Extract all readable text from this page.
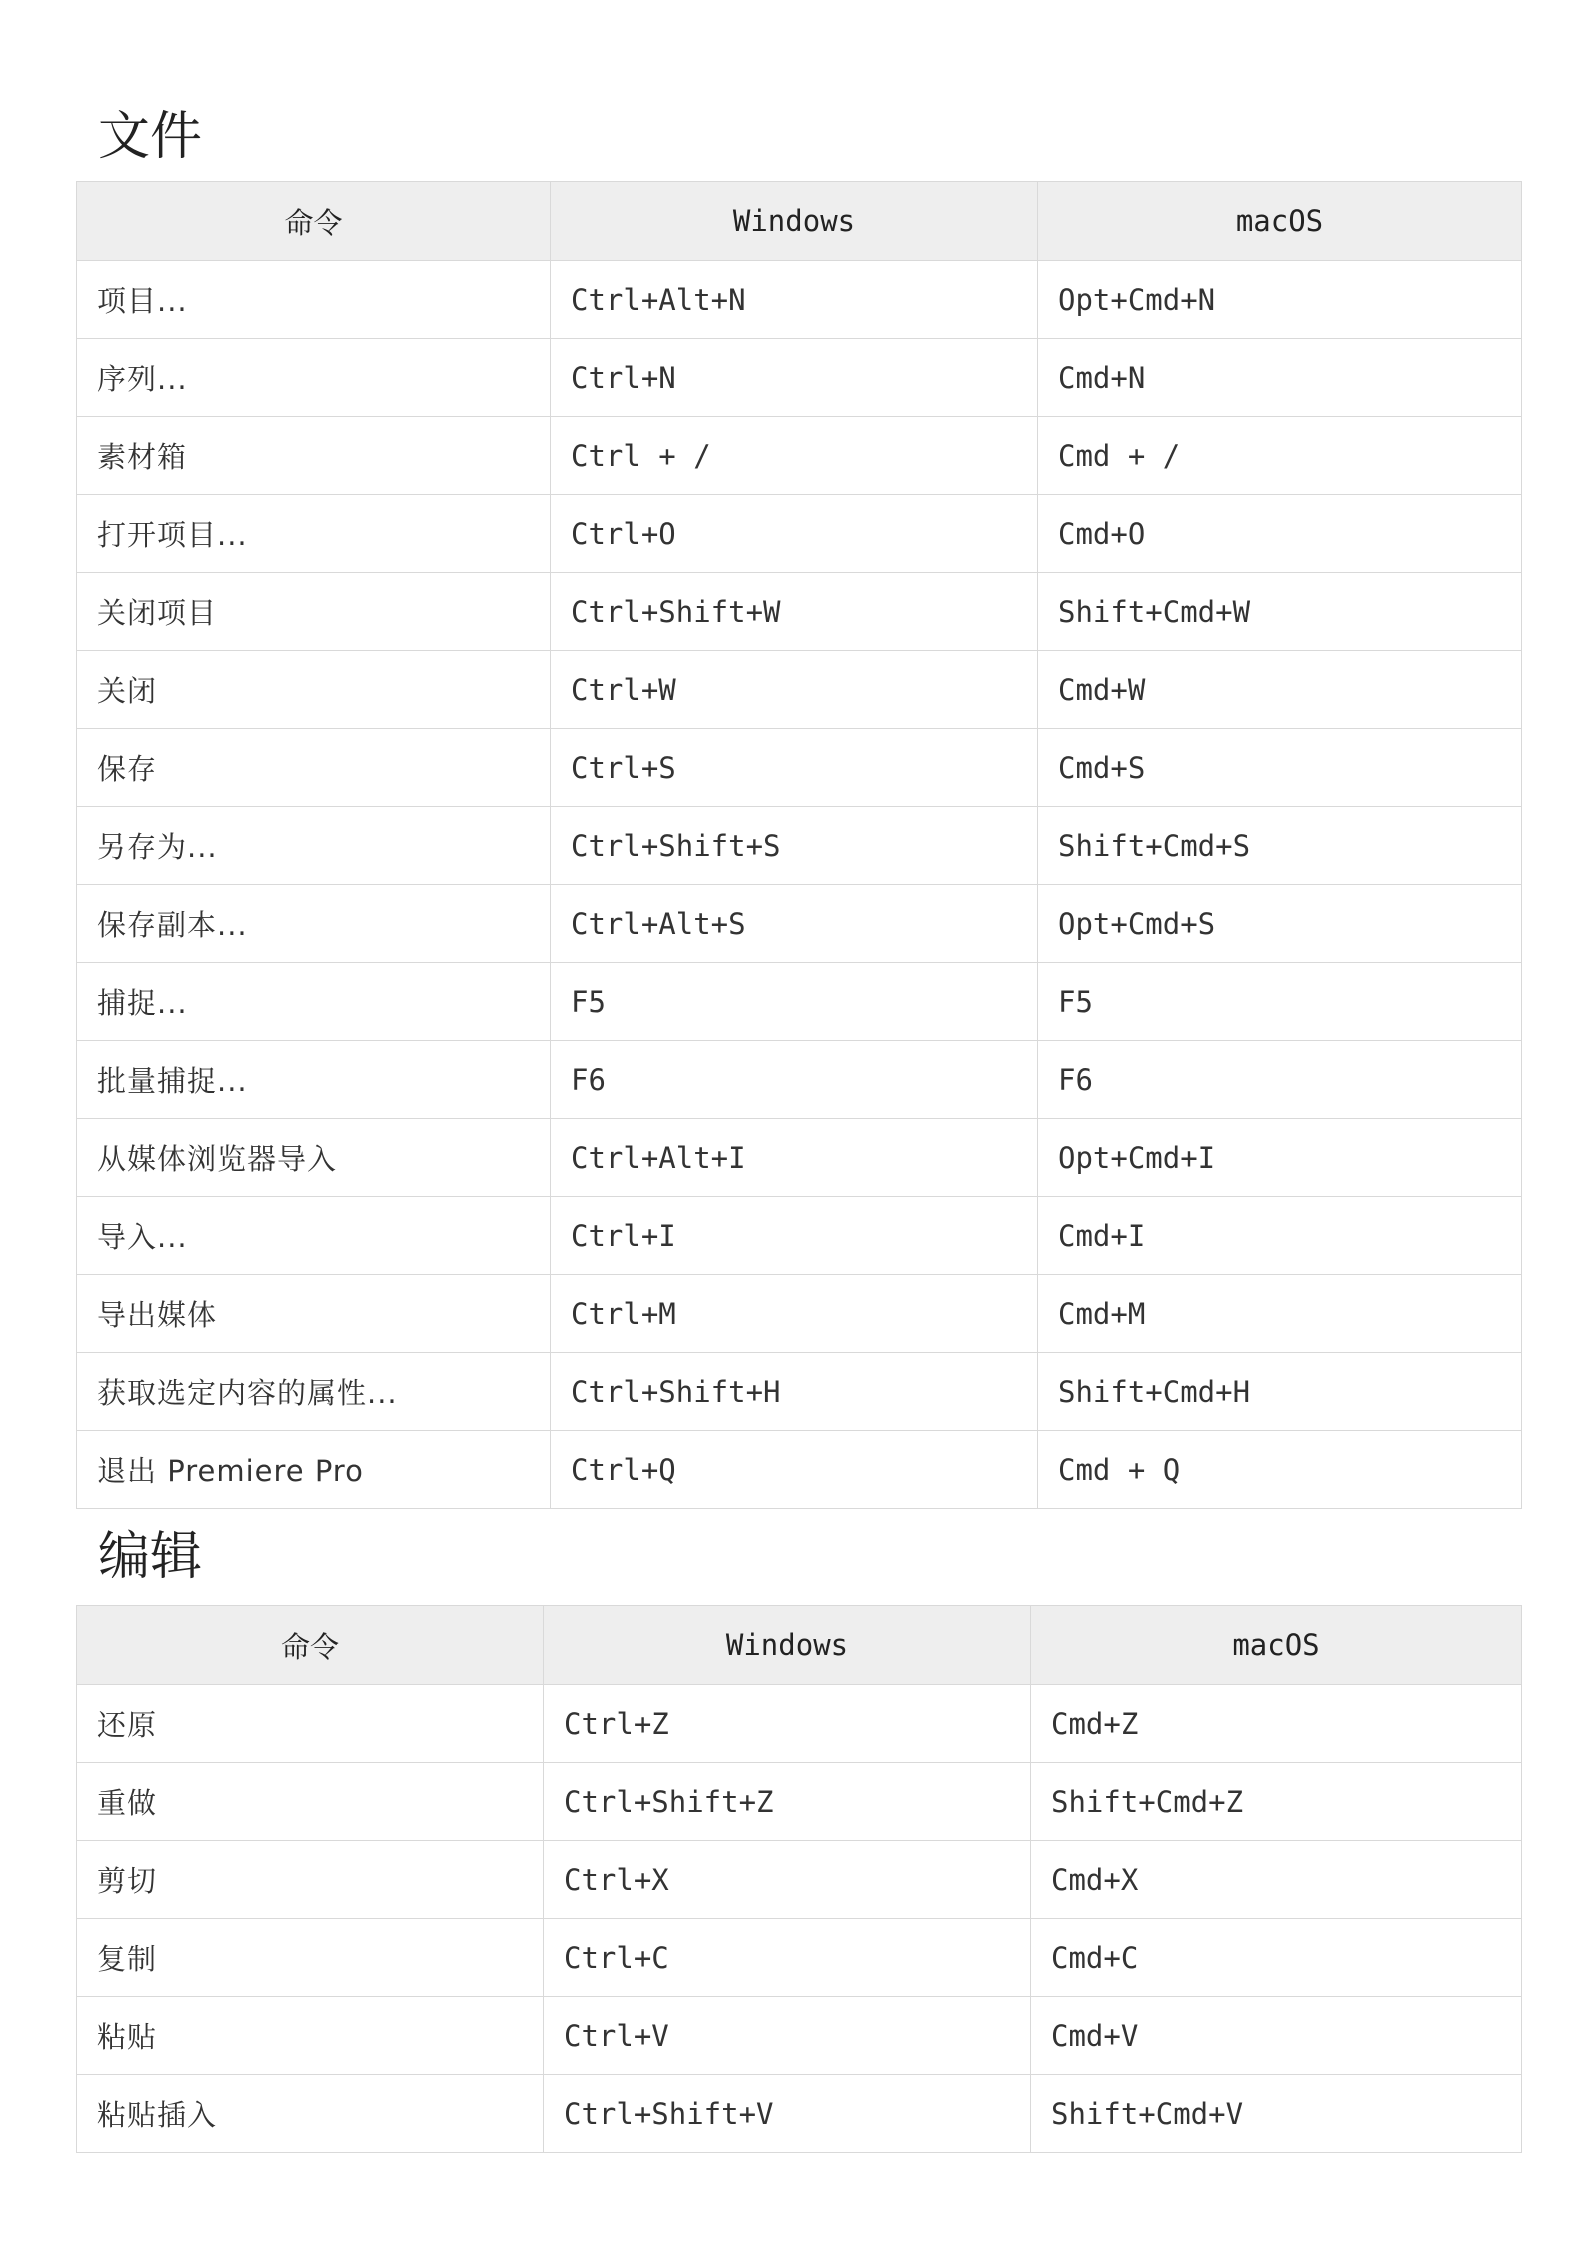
文件
命令	Windows	macOS
项目...	Ctrl+Alt+N	Opt+Cmd+N
序列...	Ctrl+N	Cmd+N
素材箱	Ctrl + /	Cmd + /
打开项目...	Ctrl+O	Cmd+O
关闭项目	Ctrl+Shift+W	Shift+Cmd+W
关闭	Ctrl+W	Cmd+W
保存	Ctrl+S	Cmd+S
另存为...	Ctrl+Shift+S	Shift+Cmd+S
保存副本...	Ctrl+Alt+S	Opt+Cmd+S
捕捉...	F5	F5
批量捕捉...	F6	F6
从媒体浏览器导入	Ctrl+Alt+I	Opt+Cmd+I
导入...	Ctrl+I	Cmd+I
导出媒体	Ctrl+M	Cmd+M
获取选定内容的属性...	Ctrl+Shift+H	Shift+Cmd+H
退出 Premiere Pro	Ctrl+Q	Cmd + Q
编辑
命令	Windows	macOS
还原	Ctrl+Z	Cmd+Z
重做	Ctrl+Shift+Z	Shift+Cmd+Z
剪切	Ctrl+X	Cmd+X
复制	Ctrl+C	Cmd+C
粘贴	Ctrl+V	Cmd+V
粘贴插入	Ctrl+Shift+V	Shift+Cmd+V
